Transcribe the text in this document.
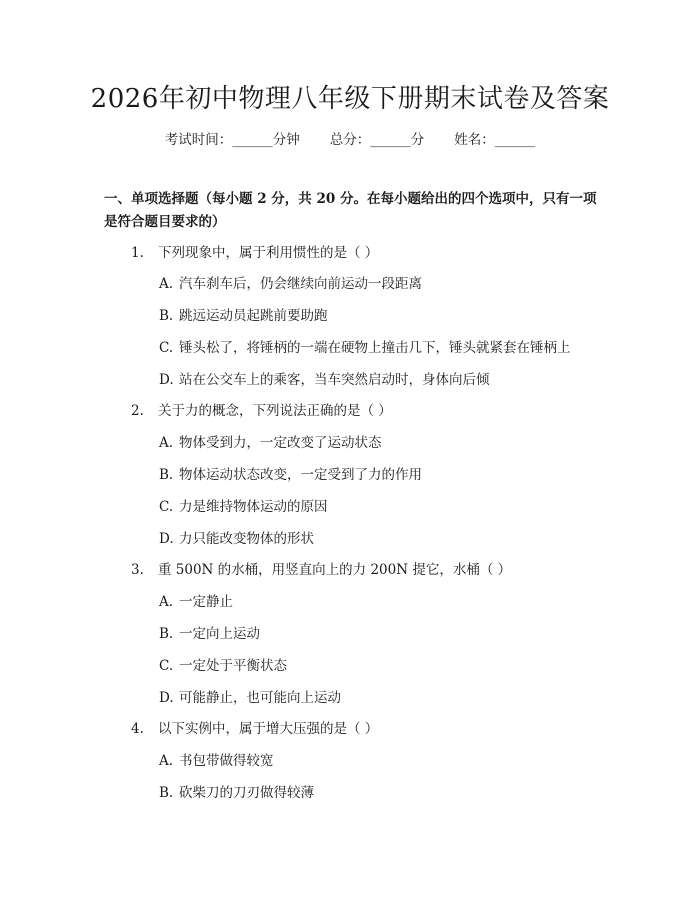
2026年初中物理八年级下册期末试卷及答案
考试时间：______分钟 总分：______分 姓名：______

一、单项选择题（每小题 2 分，共 20 分。在每小题给出的四个选项中，只有一项是符合题目要求的）

1. 下列现象中，属于利用惯性的是（ ）
A. 汽车刹车后，仍会继续向前运动一段距离
B. 跳远运动员起跳前要助跑
C. 锤头松了，将锤柄的一端在硬物上撞击几下，锤头就紧套在锤柄上
D. 站在公交车上的乘客，当车突然启动时，身体向后倾
2. 关于力的概念，下列说法正确的是（ ）
A. 物体受到力，一定改变了运动状态
B. 物体运动状态改变，一定受到了力的作用
C. 力是维持物体运动的原因
D. 力只能改变物体的形状
3. 重 500N 的水桶，用竖直向上的力 200N 提它，水桶（ ）
A. 一定静止
B. 一定向上运动
C. 一定处于平衡状态
D. 可能静止，也可能向上运动
4. 以下实例中，属于增大压强的是（ ）
A. 书包带做得较宽
B. 砍柴刀的刀刃做得较薄
